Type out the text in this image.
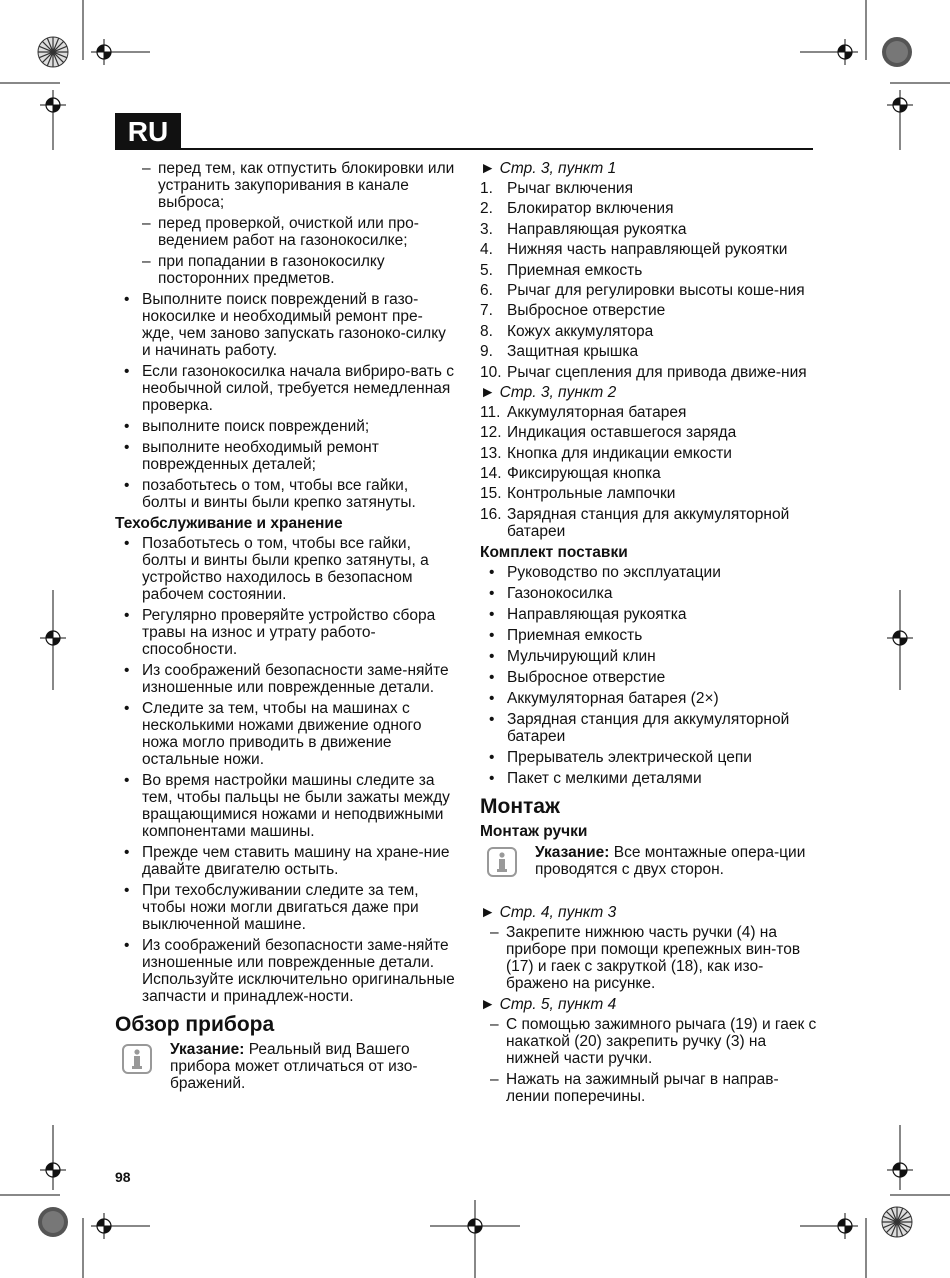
RU
– перед тем, как отпустить блокировки или устранить закупоривания в канале выброса;
– перед проверкой, очисткой или про-ведением работ на газонокосилке;
– при попадании в газонокосилку посторонних предметов.
• Выполните поиск повреждений в газо-нокосилке и необходимый ремонт пре-жде, чем заново запускать газоноко-силку и начинать работу.
• Если газонокосилка начала вибриро-вать с необычной силой, требуется немедленная проверка.
• выполните поиск повреждений;
• выполните необходимый ремонт поврежденных деталей;
• позаботьтесь о том, чтобы все гайки, болты и винты были крепко затянуты.
Техобслуживание и хранение
• Позаботьтесь о том, чтобы все гайки, болты и винты были крепко затянуты, а устройство находилось в безопасном рабочем состоянии.
• Регулярно проверяйте устройство сбора травы на износ и утрату работо-способности.
• Из соображений безопасности заме-няйте изношенные или поврежденные детали.
• Следите за тем, чтобы на машинах с несколькими ножами движение одного ножа могло приводить в движение остальные ножи.
• Во время настройки машины следите за тем, чтобы пальцы не были зажаты между вращающимися ножами и неподвижными компонентами машины.
• Прежде чем ставить машину на хране-ние давайте двигателю остыть.
• При техобслуживании следите за тем, чтобы ножи могли двигаться даже при выключенной машине.
• Из соображений безопасности заме-няйте изношенные или поврежденные детали. Используйте исключительно оригинальные запчасти и принадлеж-ности.
Обзор прибора
Указание: Реальный вид Вашего прибора может отличаться от изо-бражений.
► Стр. 3, пункт 1
1. Рычаг включения
2. Блокиратор включения
3. Направляющая рукоятка
4. Нижняя часть направляющей рукоятки
5. Приемная емкость
6. Рычаг для регулировки высоты коше-ния
7. Выбросное отверстие
8. Кожух аккумулятора
9. Защитная крышка
10. Рычаг сцепления для привода движе-ния
► Стр. 3, пункт 2
11. Аккумуляторная батарея
12. Индикация оставшегося заряда
13. Кнопка для индикации емкости
14. Фиксирующая кнопка
15. Контрольные лампочки
16. Зарядная станция для аккумуляторной батареи
Комплект поставки
• Руководство по эксплуатации
• Газонокосилка
• Направляющая рукоятка
• Приемная емкость
• Мульчирующий клин
• Выбросное отверстие
• Аккумуляторная батарея (2×)
• Зарядная станция для аккумуляторной батареи
• Прерыватель электрической цепи
• Пакет с мелкими деталями
Монтаж
Монтаж ручки
Указание: Все монтажные опера-ции проводятся с двух сторон.
► Стр. 4, пункт 3
– Закрепите нижнюю часть ручки (4) на приборе при помощи крепежных вин-тов (17) и гаек с закруткой (18), как изо-бражено на рисунке.
► Стр. 5, пункт 4
– С помощью зажимного рычага (19) и гаек с накаткой (20) закрепить ручку (3) на нижней части ручки.
– Нажать на зажимный рычаг в направ-лении поперечины.
98
